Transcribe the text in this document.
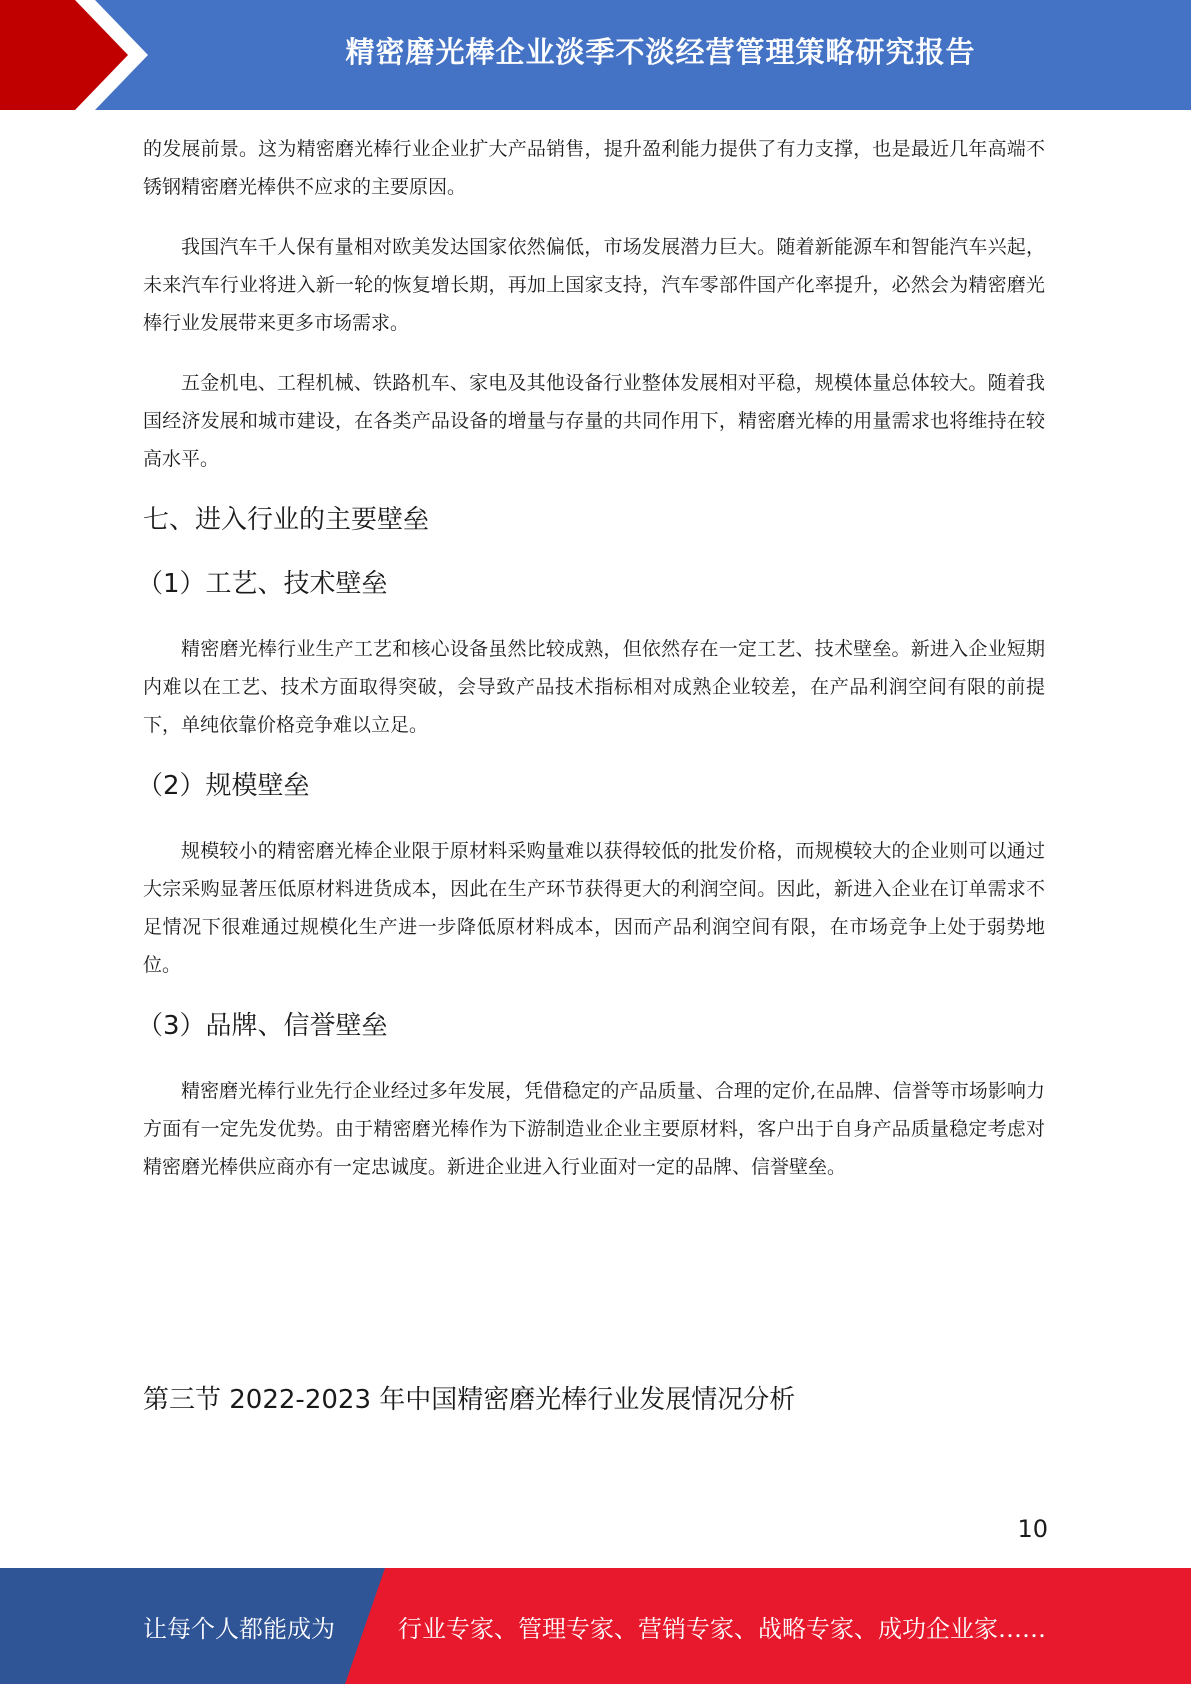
精密磨光棒企业淡季不淡经营管理策略研究报告

的发展前景。这为精密磨光棒行业企业扩大产品销售，提升盈利能力提供了有力支撑，也是最近几年高端不锈钢精密磨光棒供不应求的主要原因。

我国汽车千人保有量相对欧美发达国家依然偏低，市场发展潜力巨大。随着新能源车和智能汽车兴起，未来汽车行业将进入新一轮的恢复增长期，再加上国家支持，汽车零部件国产化率提升，必然会为精密磨光棒行业发展带来更多市场需求。

五金机电、工程机械、铁路机车、家电及其他设备行业整体发展相对平稳，规模体量总体较大。随着我国经济发展和城市建设，在各类产品设备的增量与存量的共同作用下，精密磨光棒的用量需求也将维持在较高水平。

七、进入行业的主要壁垒
（1）工艺、技术壁垒

精密磨光棒行业生产工艺和核心设备虽然比较成熟，但依然存在一定工艺、技术壁垒。新进入企业短期内难以在工艺、技术方面取得突破，会导致产品技术指标相对成熟企业较差，在产品利润空间有限的前提下，单纯依靠价格竞争难以立足。

（2）规模壁垒

规模较小的精密磨光棒企业限于原材料采购量难以获得较低的批发价格，而规模较大的企业则可以通过大宗采购显著压低原材料进货成本，因此在生产环节获得更大的利润空间。因此，新进入企业在订单需求不足情况下很难通过规模化生产进一步降低原材料成本，因而产品利润空间有限，在市场竞争上处于弱势地位。

（3）品牌、信誉壁垒

精密磨光棒行业先行企业经过多年发展，凭借稳定的产品质量、合理的定价,在品牌、信誉等市场影响力方面有一定先发优势。由于精密磨光棒作为下游制造业企业主要原材料，客户出于自身产品质量稳定考虑对精密磨光棒供应商亦有一定忠诚度。新进企业进入行业面对一定的品牌、信誉壁垒。

第三节 2022-2023 年中国精密磨光棒行业发展情况分析
10
让每个人都能成为	行业专家、管理专家、营销专家、战略专家、成功企业家……
